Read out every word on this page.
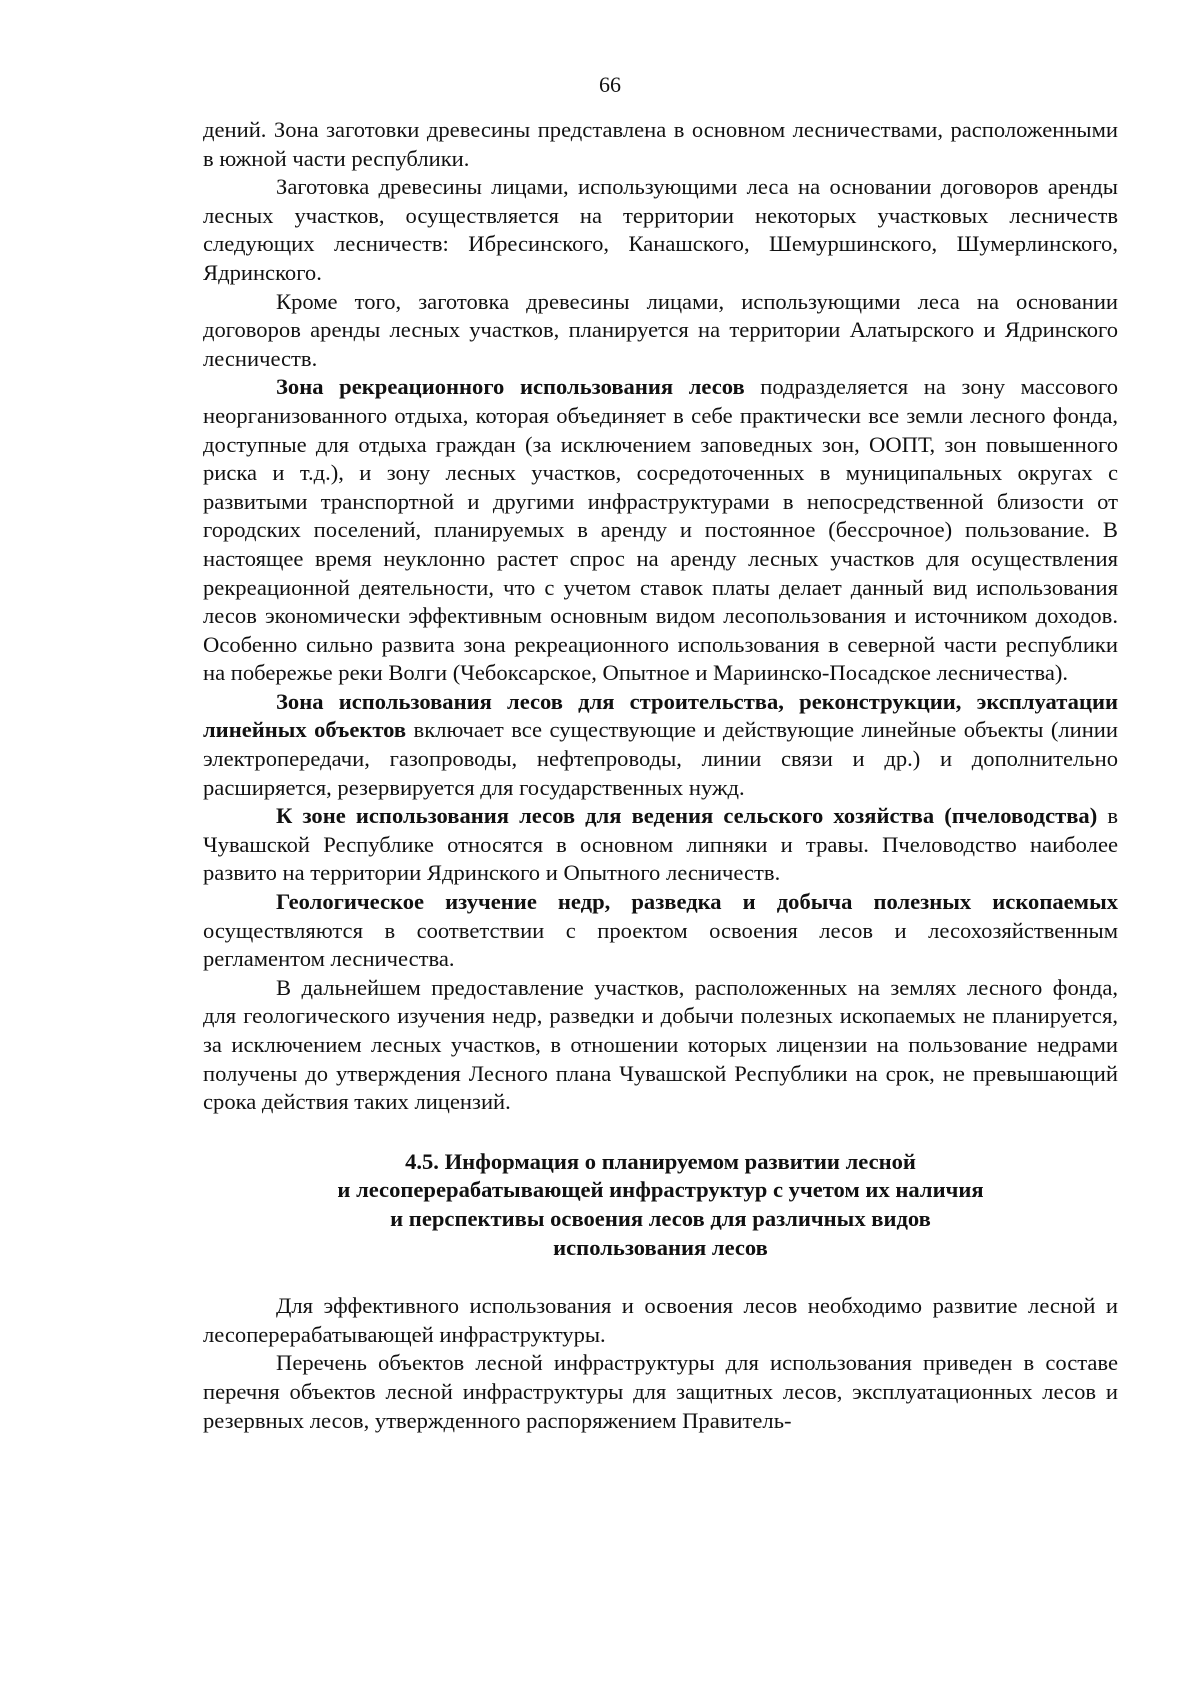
66

дений. Зона заготовки древесины представлена в основном лесничествами, расположенными в южной части республики.

Заготовка древесины лицами, использующими леса на основании договоров аренды лесных участков, осуществляется на территории некоторых участковых лесничеств следующих лесничеств: Ибресинского, Канашского, Шемуршинского, Шумерлинского, Ядринского.

Кроме того, заготовка древесины лицами, использующими леса на основании договоров аренды лесных участков, планируется на территории Алатырского и Ядринского лесничеств.

Зона рекреационного использования лесов подразделяется на зону массового неорганизованного отдыха, которая объединяет в себе практически все земли лесного фонда, доступные для отдыха граждан (за исключением заповедных зон, ООПТ, зон повышенного риска и т.д.), и зону лесных участков, сосредоточенных в муниципальных округах с развитыми транспортной и другими инфраструктурами в непосредственной близости от городских поселений, планируемых в аренду и постоянное (бессрочное) пользование. В настоящее время неуклонно растет спрос на аренду лесных участков для осуществления рекреационной деятельности, что с учетом ставок платы делает данный вид использования лесов экономически эффективным основным видом лесопользования и источником доходов. Особенно сильно развита зона рекреационного использования в северной части республики на побережье реки Волги (Чебоксарское, Опытное и Мариинско-Посадское лесничества).

Зона использования лесов для строительства, реконструкции, эксплуатации линейных объектов включает все существующие и действующие линейные объекты (линии электропередачи, газопроводы, нефтепроводы, линии связи и др.) и дополнительно расширяется, резервируется для государственных нужд.

К зоне использования лесов для ведения сельского хозяйства (пчеловодства) в Чувашской Республике относятся в основном липняки и травы. Пчеловодство наиболее развито на территории Ядринского и Опытного лесничеств.

Геологическое изучение недр, разведка и добыча полезных ископаемых осуществляются в соответствии с проектом освоения лесов и лесохозяйственным регламентом лесничества.

В дальнейшем предоставление участков, расположенных на землях лесного фонда, для геологического изучения недр, разведки и добычи полезных ископаемых не планируется, за исключением лесных участков, в отношении которых лицензии на пользование недрами получены до утверждения Лесного плана Чувашской Республики на срок, не превышающий срока действия таких лицензий.

4.5. Информация о планируемом развитии лесной
и лесоперерабатывающей инфраструктур с учетом их наличия
и перспективы освоения лесов для различных видов
использования лесов

Для эффективного использования и освоения лесов необходимо развитие лесной и лесоперерабатывающей инфраструктуры.

Перечень объектов лесной инфраструктуры для использования приведен в составе перечня объектов лесной инфраструктуры для защитных лесов, эксплуатационных лесов и резервных лесов, утвержденного распоряжением Правитель-
